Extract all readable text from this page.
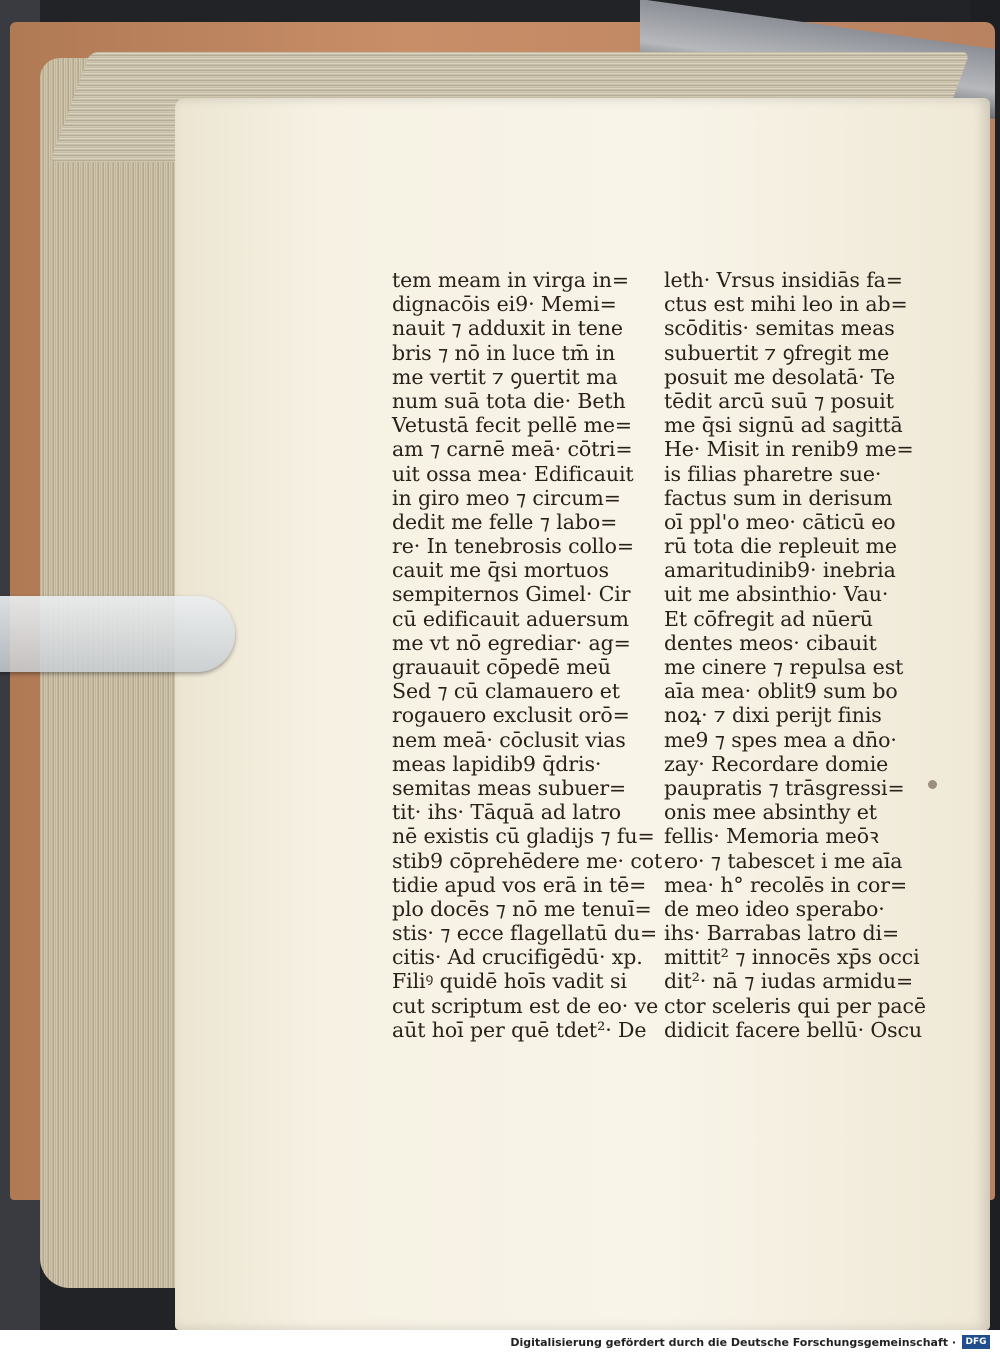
tem meam in virga in=
dignacōis ei9· Memi=
nauit ⁊ adduxit in tene
bris ⁊ nō in luce tm̄ in
me vertit ⁊ ꝯuertit ma
num suā tota die· Beth
Vetustā fecit pellē me=
am ⁊ carnē meā· cōtri=
uit ossa mea· Edificauit
in giro meo ⁊ circum=
dedit me felle ⁊ labo=
re· In tenebrosis collo=
cauit me q̄si mortuos
sempiternos Gimel· Cir
cū edificauit aduersum
me vt nō egrediar· ag=
grauauit cōpedē meū
Sed ⁊ cū clamauero et
rogauero exclusit orō=
nem meā· cōclusit vias
meas lapidib9 q̄dris·
semitas meas subuer=
tit· ihs· Tāquā ad latro
nē existis cū gladijs ⁊ fu=
stib9 cōprehēdere me· cot
tidie apud vos erā in tē=
plo docēs ⁊ nō me tenuī=
stis· ⁊ ecce flagellatū du=
citis· Ad crucifigēdū· xp.
Filiꝰ quidē hoīs vadit si
cut scriptum est de eo· ve
aūt hoī per quē tdet²· De
leth· Vrsus insidiās fa=
ctus est mihi leo in ab=
scōditis· semitas meas
subuertit ⁊ ꝯfregit me
posuit me desolatā· Te
tēdit arcū suū ⁊ posuit
me q̄si signū ad sagittā
He· Misit in renib9 me=
is filias pharetre sue·
factus sum in derisum
oī ppl'o meo· cāticū eo
rū tota die repleuit me
amaritudinib9· inebria
uit me absinthio· Vau·
Et cōfregit ad nūerū
dentes meos· cibauit
me cinere ⁊ repulsa est
aīa mea· oblit9 sum bo
noꝝ· ⁊ dixi perijt finis
me9 ⁊ spes mea a dn̄o·
zay· Recordare domie
paupratis ⁊ trāsgressi=
onis mee absinthy et
fellis· Memoria meōꝛ
ero· ⁊ tabescet i me aīa
mea· h° recolēs in cor=
de meo ideo sperabo·
ihs· Barrabas latro di=
mittit² ⁊ innocēs xp̄s occi
dit²· nā ⁊ iudas armidu=
ctor sceleris qui per pacē
didicit facere bellū· Oscu
Digitalisierung gefördert durch die Deutsche Forschungsgemeinschaft ·	DFG
